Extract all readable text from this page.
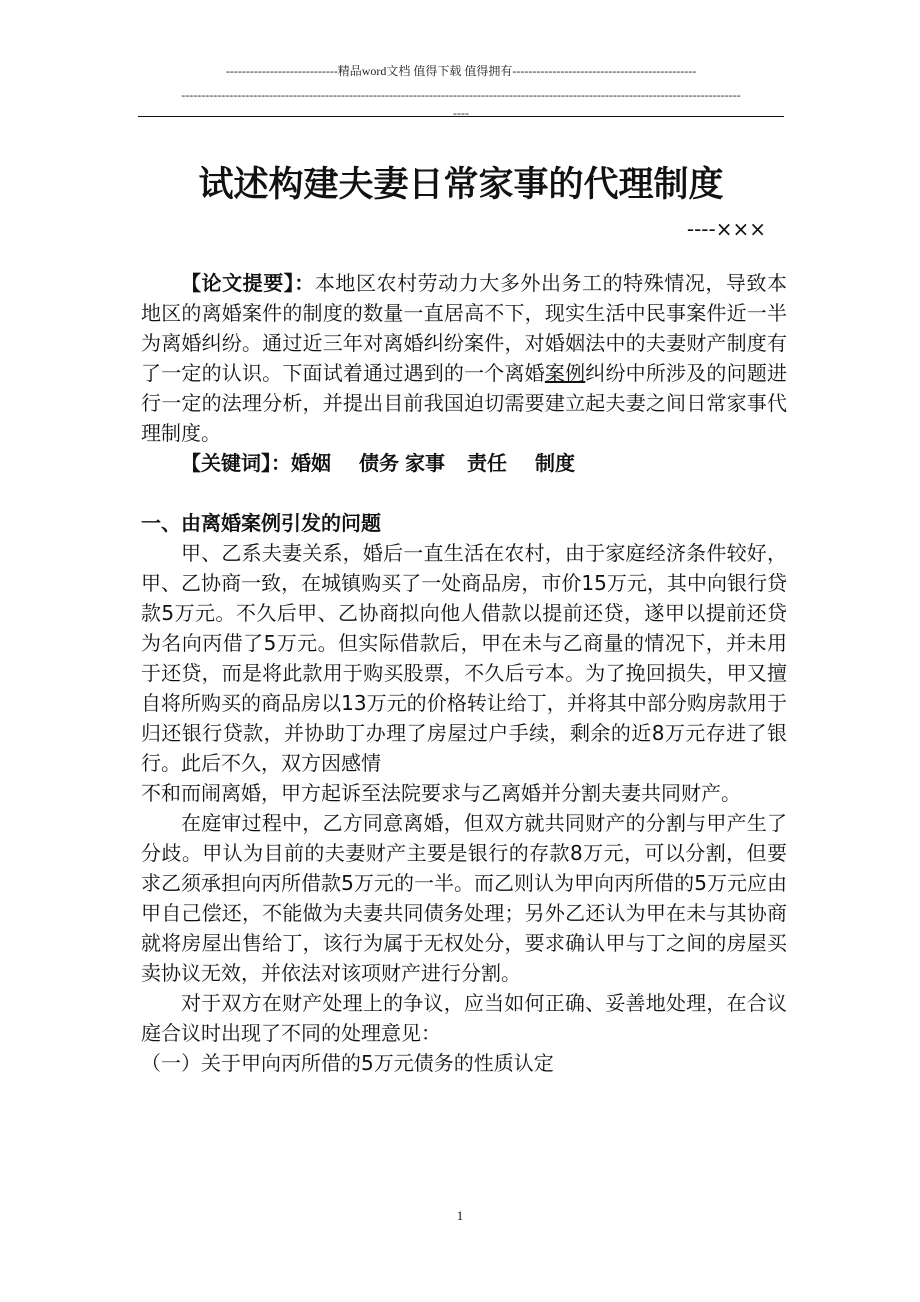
----------------------------精品word文档 值得下载 值得拥有----------------------------------------------
--------------------------------------------------------------------------------------------------------------------------------------------
----
试述构建夫妻日常家事的代理制度
----×××

【论文提要】：本地区农村劳动力大多外出务工的特殊情况，导致本地区的离婚案件的制度的数量一直居高不下，现实生活中民事案件近一半为离婚纠纷。通过近三年对离婚纠纷案件，对婚姻法中的夫妻财产制度有了一定的认识。下面试着通过遇到的一个离婚案例纠纷中所涉及的问题进行一定的法理分析，并提出目前我国迫切需要建立起夫妻之间日常家事代理制度。

【关键词】：婚姻 债务 家事 责任 制度

一、由离婚案例引发的问题

甲、乙系夫妻关系，婚后一直生活在农村，由于家庭经济条件较好，甲、乙协商一致，在城镇购买了一处商品房，市价15万元，其中向银行贷款5万元。不久后甲、乙协商拟向他人借款以提前还贷，遂甲以提前还贷为名向丙借了5万元。但实际借款后，甲在未与乙商量的情况下，并未用于还贷，而是将此款用于购买股票，不久后亏本。为了挽回损失，甲又擅自将所购买的商品房以13万元的价格转让给丁，并将其中部分购房款用于归还银行贷款，并协助丁办理了房屋过户手续，剩余的近8万元存进了银行。此后不久，双方因感情

不和而闹离婚，甲方起诉至法院要求与乙离婚并分割夫妻共同财产。

在庭审过程中，乙方同意离婚，但双方就共同财产的分割与甲产生了分歧。甲认为目前的夫妻财产主要是银行的存款8万元，可以分割，但要求乙须承担向丙所借款5万元的一半。而乙则认为甲向丙所借的5万元应由甲自己偿还，不能做为夫妻共同债务处理；另外乙还认为甲在未与其协商就将房屋出售给丁，该行为属于无权处分，要求确认甲与丁之间的房屋买卖协议无效，并依法对该项财产进行分割。

对于双方在财产处理上的争议，应当如何正确、妥善地处理，在合议庭合议时出现了不同的处理意见：

（一）关于甲向丙所借的5万元债务的性质认定

1
